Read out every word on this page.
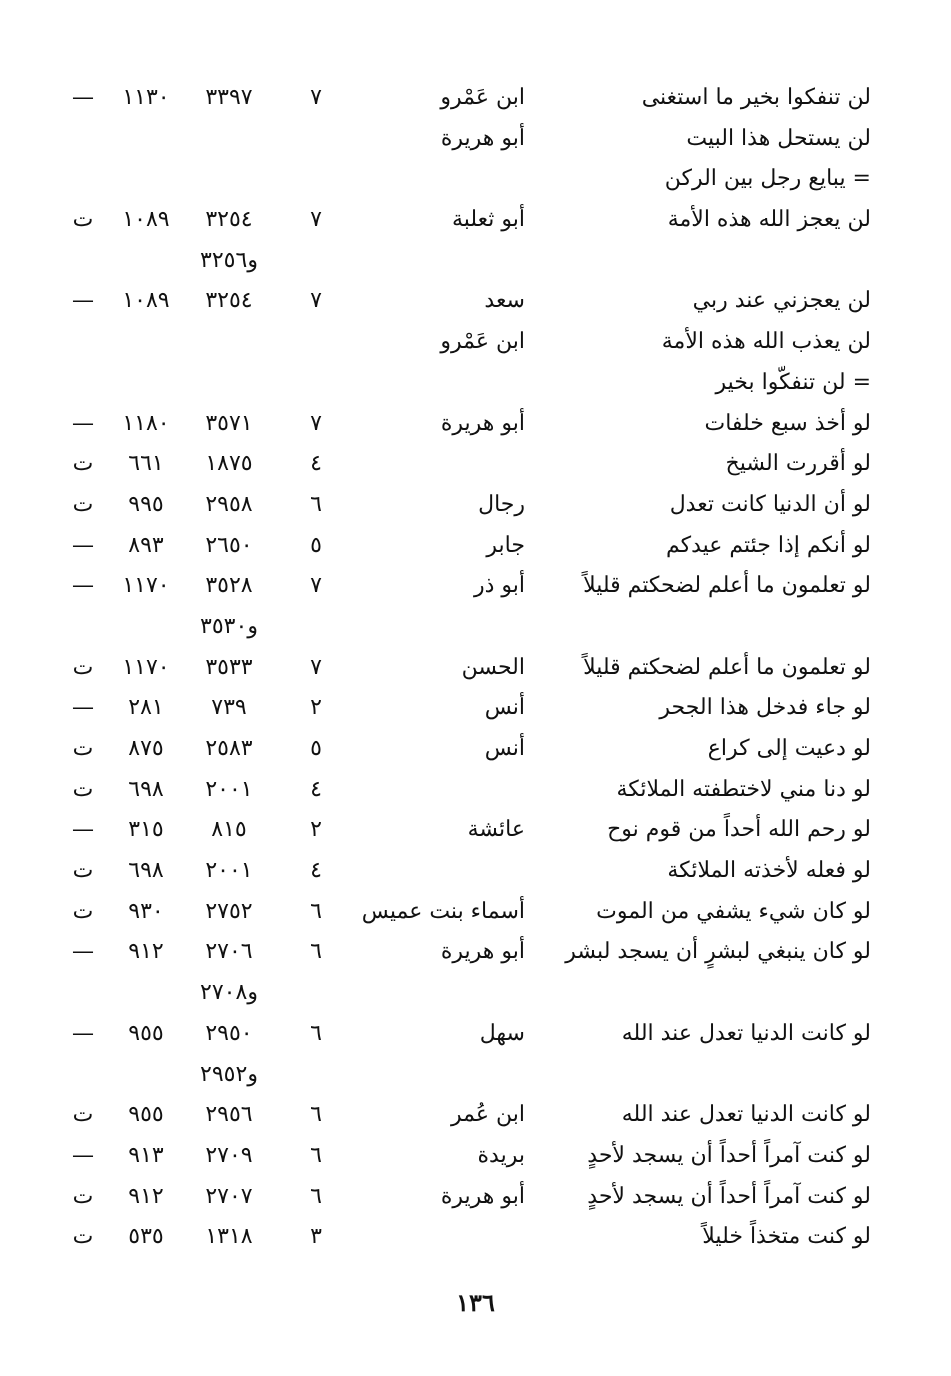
لن تنفكوا بخير ما استغنى
ابن عَمْرو
٧
٣٣٩٧
١١٣٠
—
لن يستحل هذا البيت
أبو هريرة
= يبايع رجل بين الركن
لن يعجز الله هذه الأمة
أبو ثعلبة
٧
٣٢٥٤
١٠٨٩
ت
و٣٢٥٦
لن يعجزني عند ربي
سعد
٧
٣٢٥٤
١٠٨٩
—
لن يعذب الله هذه الأمة
ابن عَمْرو
= لن تنفكّوا بخير
لو أخذ سبع خلفات
أبو هريرة
٧
٣٥٧١
١١٨٠
—
لو أقررت الشيخ
٤
١٨٧٥
٦٦١
ت
لو أن الدنيا كانت تعدل
رجال
٦
٢٩٥٨
٩٩٥
ت
لو أنكم إذا جئتم عيدكم
جابر
٥
٢٦٥٠
٨٩٣
—
لو تعلمون ما أعلم لضحكتم قليلاً
أبو ذر
٧
٣٥٢٨
١١٧٠
—
و٣٥٣٠
لو تعلمون ما أعلم لضحكتم قليلاً
الحسن
٧
٣٥٣٣
١١٧٠
ت
لو جاء فدخل هذا الجحر
أنس
٢
٧٣٩
٢٨١
—
لو دعيت إلى كراع
أنس
٥
٢٥٨٣
٨٧٥
ت
لو دنا مني لاختطفته الملائكة
٤
٢٠٠١
٦٩٨
ت
لو رحم الله أحداً من قوم نوح
عائشة
٢
٨١٥
٣١٥
—
لو فعله لأخذته الملائكة
٤
٢٠٠١
٦٩٨
ت
لو كان شيء يشفي من الموت
أسماء بنت عميس
٦
٢٧٥٢
٩٣٠
ت
لو كان ينبغي لبشرٍ أن يسجد لبشر
أبو هريرة
٦
٢٧٠٦
٩١٢
—
و٢٧٠٨
لو كانت الدنيا تعدل عند الله
سهل
٦
٢٩٥٠
٩٥٥
—
و٢٩٥٢
لو كانت الدنيا تعدل عند الله
ابن عُمر
٦
٢٩٥٦
٩٥٥
ت
لو كنت آمراً أحداً أن يسجد لأحدٍ
بريدة
٦
٢٧٠٩
٩١٣
—
لو كنت آمراً أحداً أن يسجد لأحدٍ
أبو هريرة
٦
٢٧٠٧
٩١٢
ت
لو كنت متخذاً خليلاً
٣
١٣١٨
٥٣٥
ت
١٣٦
